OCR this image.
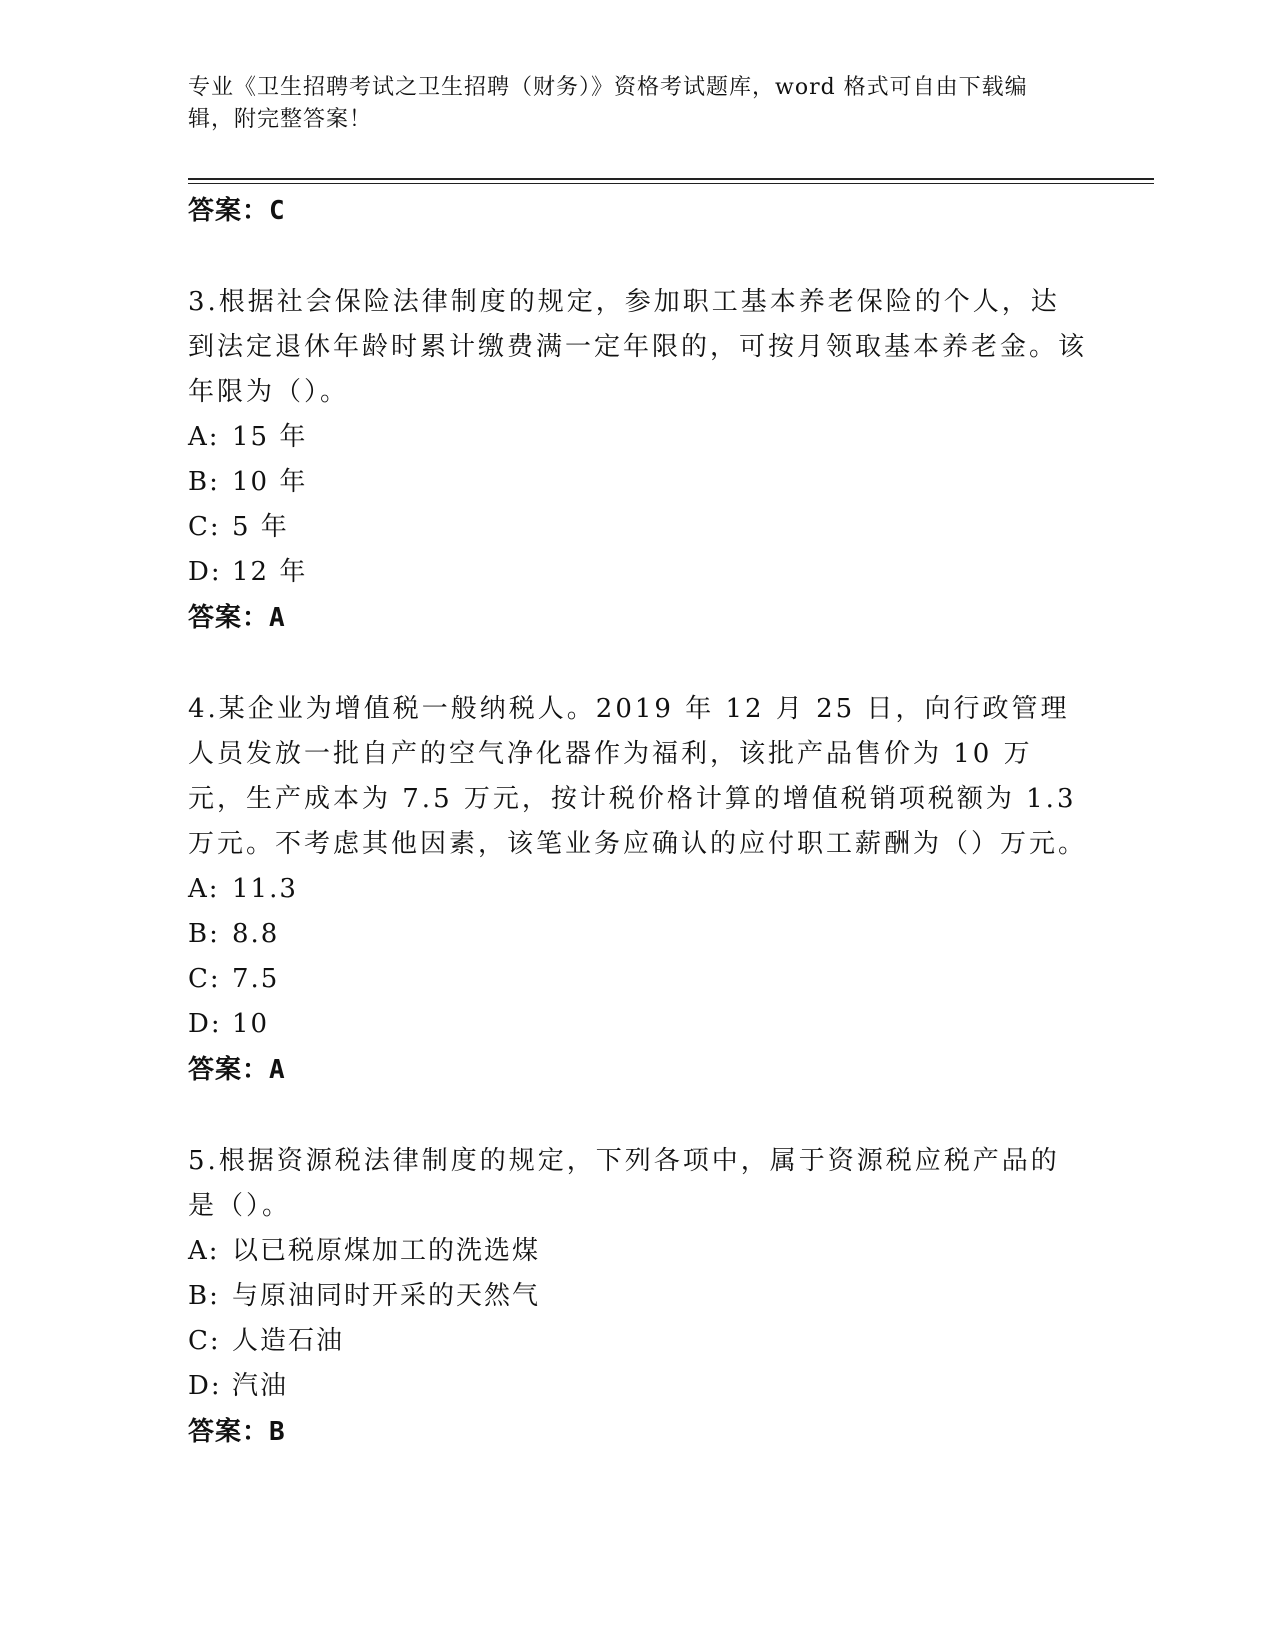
专业《卫生招聘考试之卫生招聘（财务）》资格考试题库，word 格式可自由下载编辑，附完整答案！

答案：C

3.根据社会保险法律制度的规定，参加职工基本养老保险的个人，达到法定退休年龄时累计缴费满一定年限的，可按月领取基本养老金。该年限为（）。

A: 15 年

B: 10 年

C: 5 年

D: 12 年

答案：A

4.某企业为增值税一般纳税人。2019 年 12 月 25 日，向行政管理人员发放一批自产的空气净化器作为福利，该批产品售价为 10 万元，生产成本为 7.5 万元，按计税价格计算的增值税销项税额为 1.3 万元。不考虑其他因素，该笔业务应确认的应付职工薪酬为（）万元。

A: 11.3

B: 8.8

C: 7.5

D: 10

答案：A

5.根据资源税法律制度的规定，下列各项中，属于资源税应税产品的是（）。

A: 以已税原煤加工的洗选煤

B: 与原油同时开采的天然气

C: 人造石油

D: 汽油

答案：B
